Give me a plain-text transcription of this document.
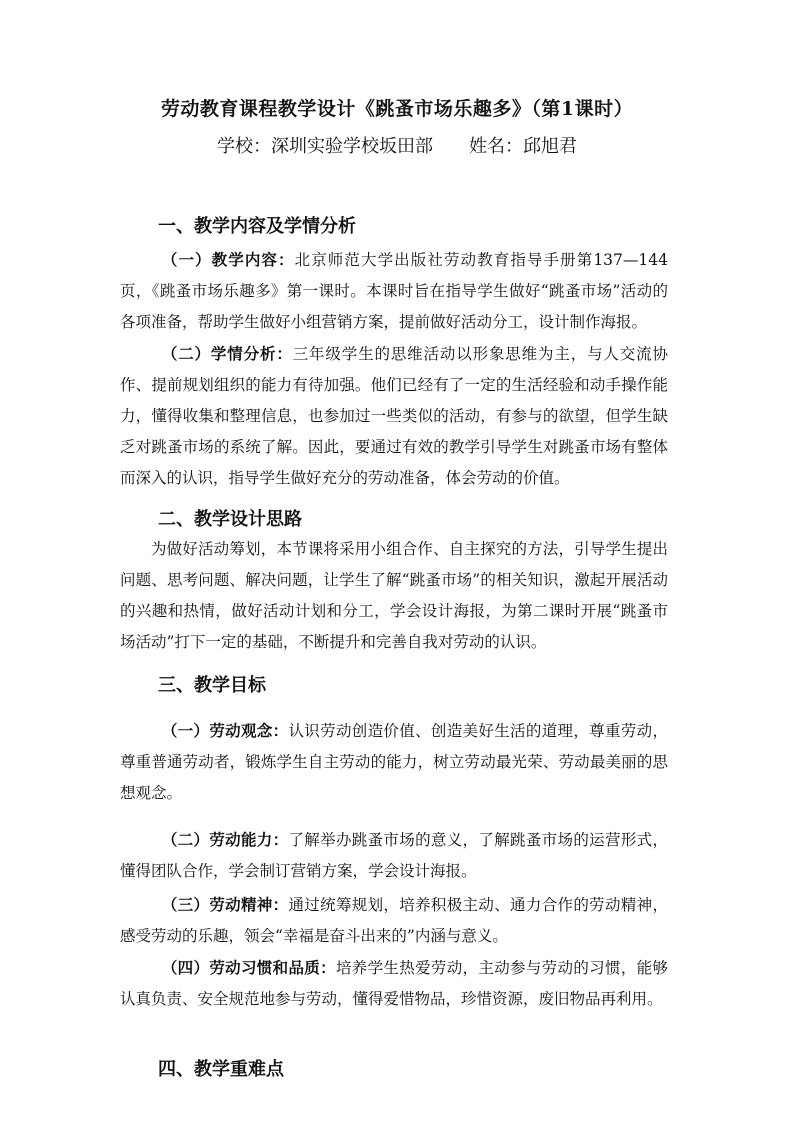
劳动教育课程教学设计《跳蚤市场乐趣多》（第1课时）
学校：深圳实验学校坂田部 姓名：邱旭君
一、教学内容及学情分析
（一）教学内容：北京师范大学出版社劳动教育指导手册第137—144页，《跳蚤市场乐趣多》第一课时。本课时旨在指导学生做好“跳蚤市场”活动的各项准备，帮助学生做好小组营销方案，提前做好活动分工，设计制作海报。
（二）学情分析：三年级学生的思维活动以形象思维为主，与人交流协作、提前规划组织的能力有待加强。他们已经有了一定的生活经验和动手操作能力，懂得收集和整理信息，也参加过一些类似的活动，有参与的欲望，但学生缺乏对跳蚤市场的系统了解。因此，要通过有效的教学引导学生对跳蚤市场有整体而深入的认识，指导学生做好充分的劳动准备，体会劳动的价值。
二、教学设计思路
为做好活动筹划，本节课将采用小组合作、自主探究的方法，引导学生提出问题、思考问题、解决问题，让学生了解“跳蚤市场”的相关知识，激起开展活动的兴趣和热情，做好活动计划和分工，学会设计海报，为第二课时开展“跳蚤市场活动”打下一定的基础，不断提升和完善自我对劳动的认识。
三、教学目标
（一）劳动观念：认识劳动创造价值、创造美好生活的道理，尊重劳动，尊重普通劳动者，锻炼学生自主劳动的能力，树立劳动最光荣、劳动最美丽的思想观念。
（二）劳动能力：了解举办跳蚤市场的意义，了解跳蚤市场的运营形式，懂得团队合作，学会制订营销方案，学会设计海报。
（三）劳动精神：通过统筹规划，培养积极主动、通力合作的劳动精神，感受劳动的乐趣，领会“幸福是奋斗出来的”内涵与意义。
（四）劳动习惯和品质：培养学生热爱劳动，主动参与劳动的习惯，能够认真负责、安全规范地参与劳动，懂得爱惜物品，珍惜资源，废旧物品再利用。
四、教学重难点
